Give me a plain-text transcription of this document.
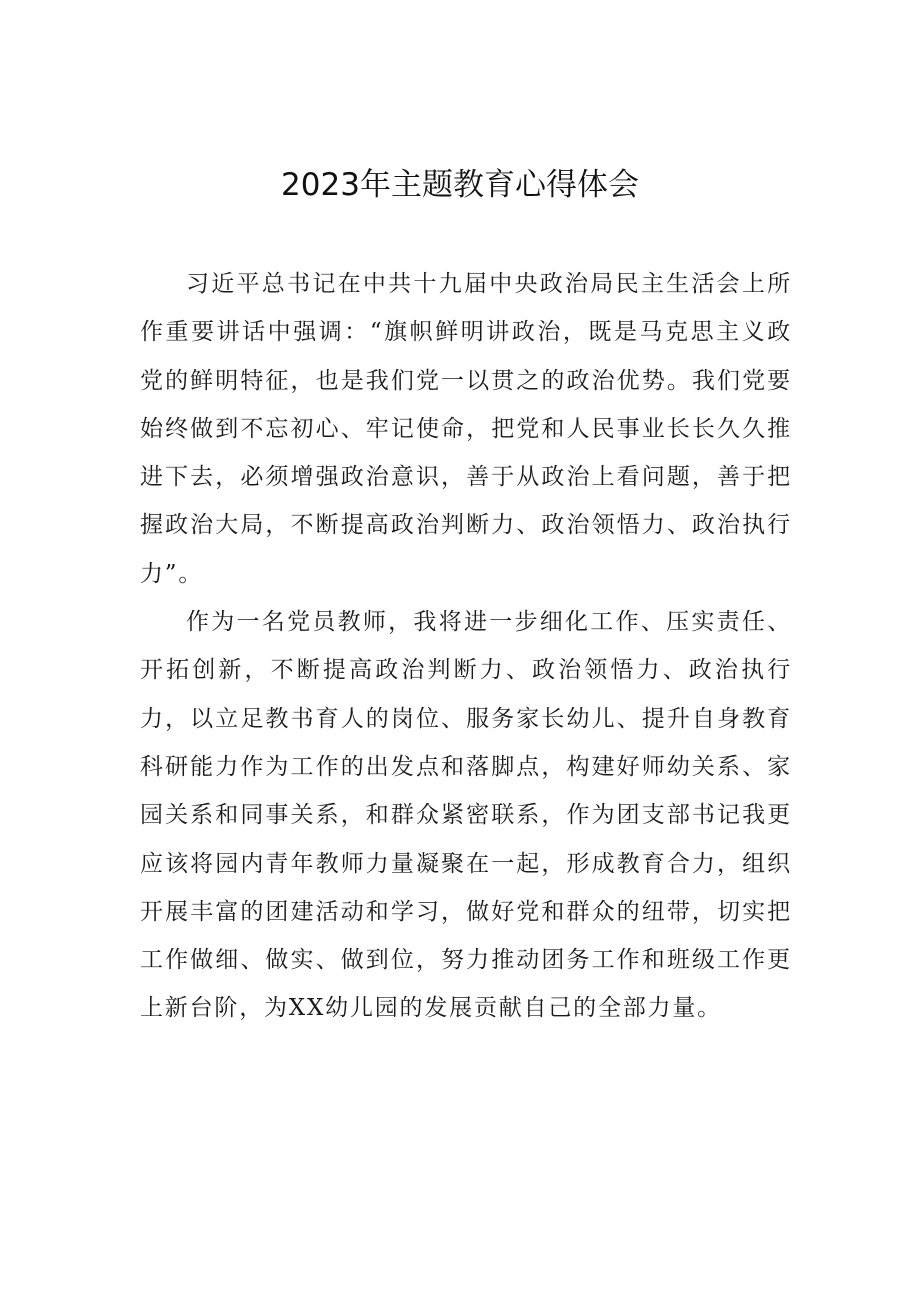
2023年主题教育心得体会

习近平总书记在中共十九届中央政治局民主生活会上所作重要讲话中强调：“旗帜鲜明讲政治，既是马克思主义政党的鲜明特征，也是我们党一以贯之的政治优势。我们党要始终做到不忘初心、牢记使命，把党和人民事业长长久久推进下去，必须增强政治意识，善于从政治上看问题，善于把握政治大局，不断提高政治判断力、政治领悟力、政治执行力”。

作为一名党员教师，我将进一步细化工作、压实责任、开拓创新，不断提高政治判断力、政治领悟力、政治执行力，以立足教书育人的岗位、服务家长幼儿、提升自身教育科研能力作为工作的出发点和落脚点，构建好师幼关系、家园关系和同事关系，和群众紧密联系，作为团支部书记我更应该将园内青年教师力量凝聚在一起，形成教育合力，组织开展丰富的团建活动和学习，做好党和群众的纽带，切实把工作做细、做实、做到位，努力推动团务工作和班级工作更上新台阶，为XX幼儿园的发展贡献自己的全部力量。
